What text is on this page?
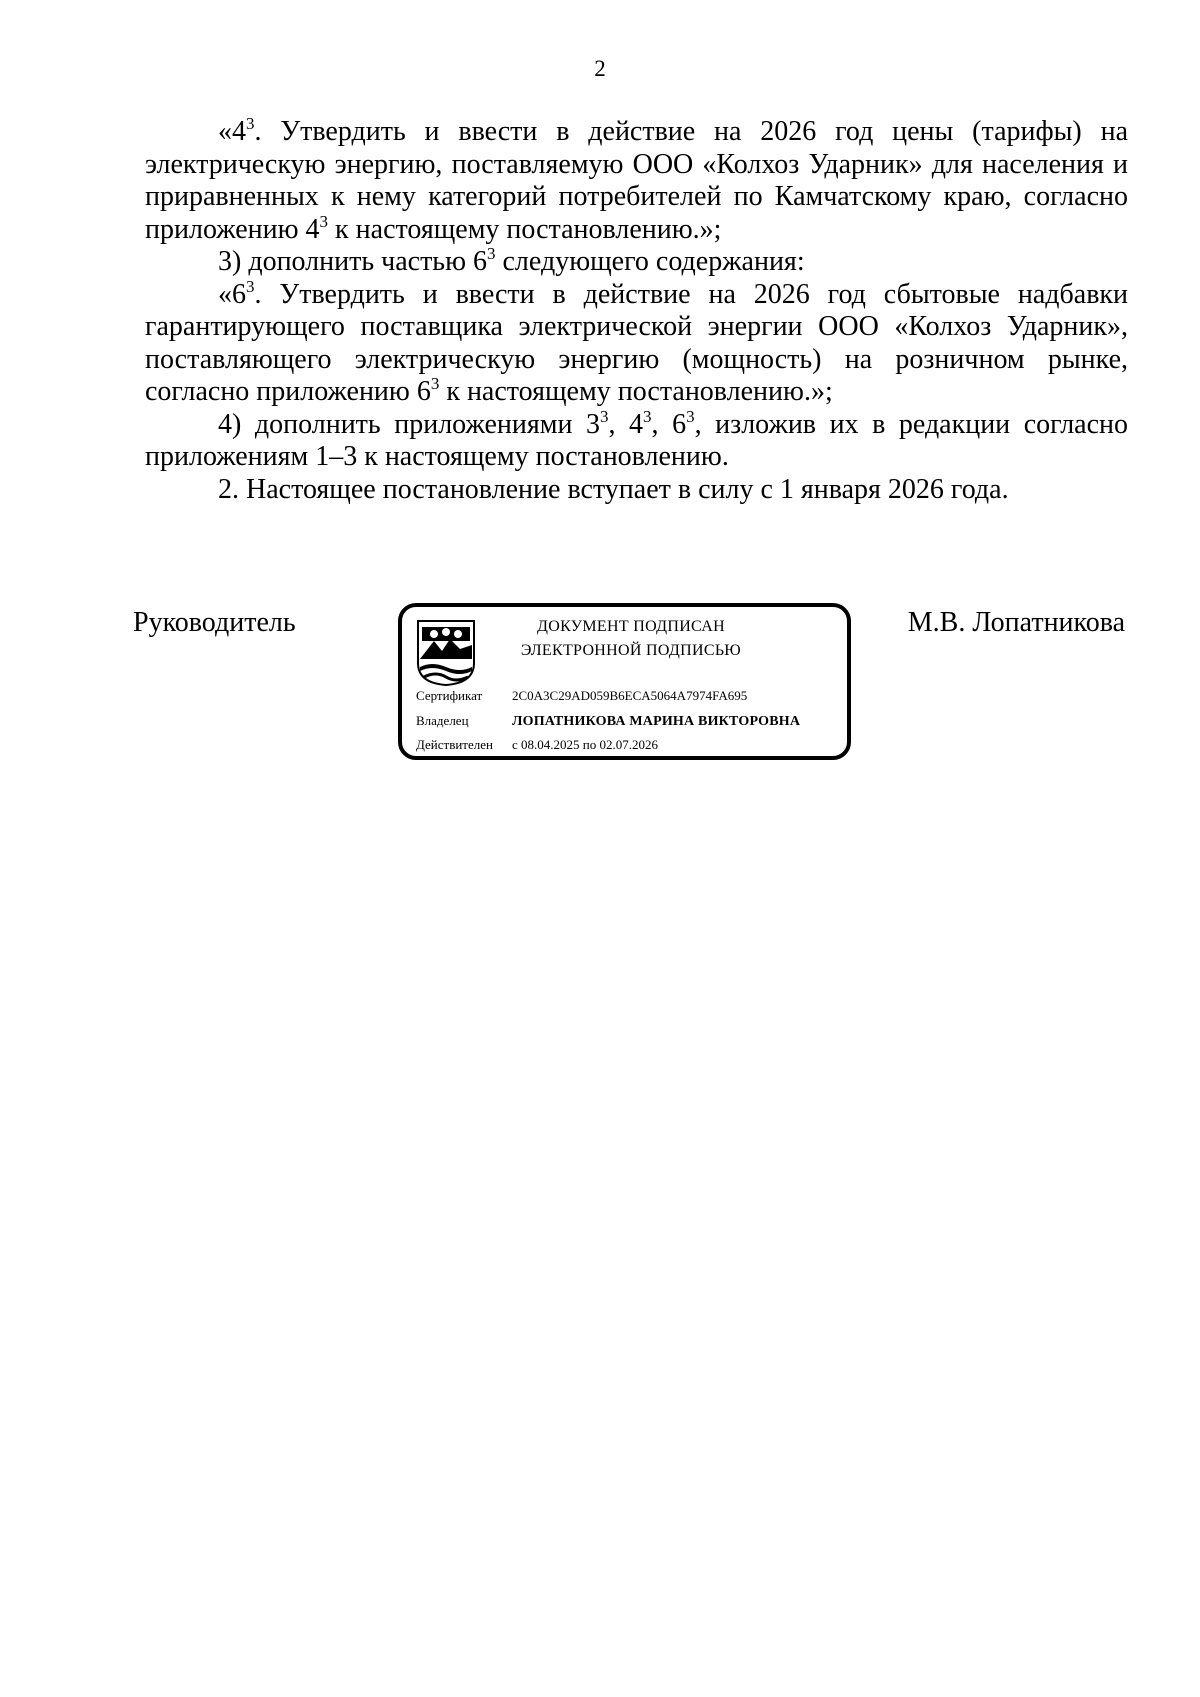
2

«$4^3$. Утвердить и ввести в действие на 2026 год цены (тарифы) на электрическую энергию, поставляемую ООО «Колхоз Ударник» для населения и приравненных к нему категорий потребителей по Камчатскому краю, согласно приложению $4^3$ к настоящему постановлению.»;

3) дополнить частью $6^3$ следующего содержания:

«$6^3$. Утвердить и ввести в действие на 2026 год сбытовые надбавки гарантирующего поставщика электрической энергии ООО «Колхоз Ударник», поставляющего электрическую энергию (мощность) на розничном рынке, согласно приложению $6^3$ к настоящему постановлению.»;

4) дополнить приложениями $3^3$, $4^3$, $6^3$, изложив их в редакции согласно приложениям 1–3 к настоящему постановлению.

2. Настоящее постановление вступает в силу с 1 января 2026 года.

Руководитель	ДОКУМЕНТ ПОДПИСАН
ЭЛЕКТРОННОЙ ПОДПИСЬЮ
Сертификат 2C0A3C29AD059B6ECA5064A7974FA695
Владелец	ЛОПАТНИКОВА МАРИНА ВИКТОРОВНА
Действителен с 08.04.2025 по 02.07.2026
М.В. Лопатникова
